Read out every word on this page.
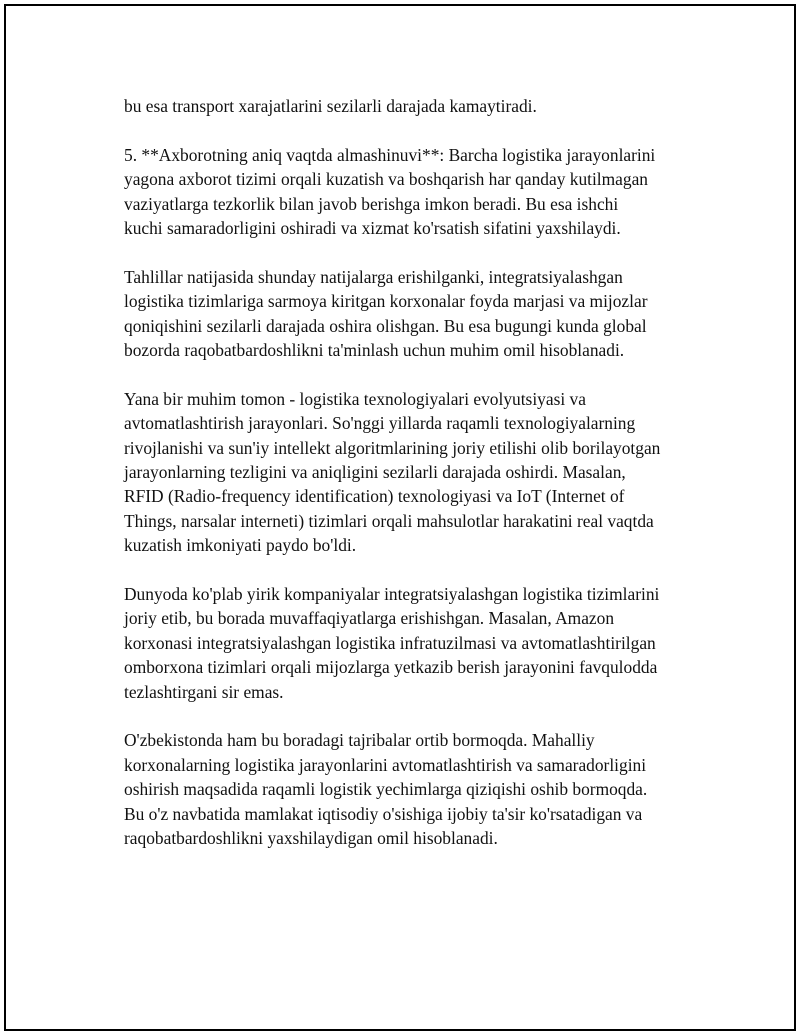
bu esa transport xarajatlarini sezilarli darajada kamaytiradi.

5. **Axborotning aniq vaqtda almashinuvi**: Barcha logistika jarayonlarini
yagona axborot tizimi orqali kuzatish va boshqarish har qanday kutilmagan
vaziyatlarga tezkorlik bilan javob berishga imkon beradi. Bu esa ishchi
kuchi samaradorligini oshiradi va xizmat ko'rsatish sifatini yaxshilaydi.

Tahlillar natijasida shunday natijalarga erishilganki, integratsiyalashgan
logistika tizimlariga sarmoya kiritgan korxonalar foyda marjasi va mijozlar
qoniqishini sezilarli darajada oshira olishgan. Bu esa bugungi kunda global
bozorda raqobatbardoshlikni ta'minlash uchun muhim omil hisoblanadi.

Yana bir muhim tomon - logistika texnologiyalari evolyutsiyasi va
avtomatlashtirish jarayonlari. So'nggi yillarda raqamli texnologiyalarning
rivojlanishi va sun'iy intellekt algoritmlarining joriy etilishi olib borilayotgan
jarayonlarning tezligini va aniqligini sezilarli darajada oshirdi. Masalan,
RFID (Radio-frequency identification) texnologiyasi va IoT (Internet of
Things, narsalar interneti) tizimlari orqali mahsulotlar harakatini real vaqtda
kuzatish imkoniyati paydo bo'ldi.

Dunyoda ko'plab yirik kompaniyalar integratsiyalashgan logistika tizimlarini
joriy etib, bu borada muvaffaqiyatlarga erishishgan. Masalan, Amazon
korxonasi integratsiyalashgan logistika infratuzilmasi va avtomatlashtirilgan
omborxona tizimlari orqali mijozlarga yetkazib berish jarayonini favqulodda
tezlashtirgani sir emas.

O'zbekistonda ham bu boradagi tajribalar ortib bormoqda. Mahalliy
korxonalarning logistika jarayonlarini avtomatlashtirish va samaradorligini
oshirish maqsadida raqamli logistik yechimlarga qiziqishi oshib bormoqda.
Bu o'z navbatida mamlakat iqtisodiy o'sishiga ijobiy ta'sir ko'rsatadigan va
raqobatbardoshlikni yaxshilaydigan omil hisoblanadi.
